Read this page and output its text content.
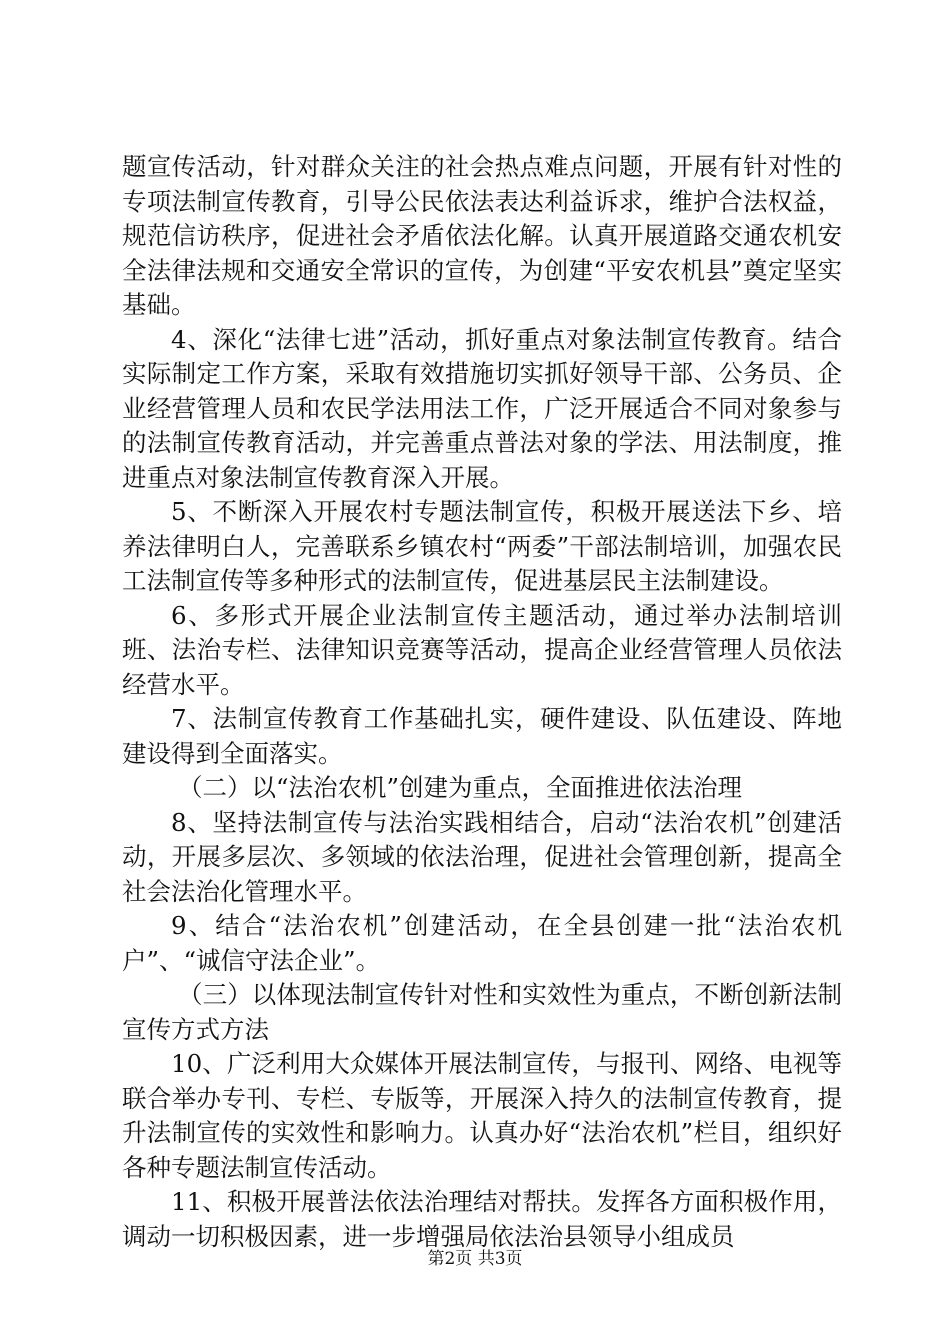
题宣传活动，针对群众关注的社会热点难点问题，开展有针对性的专项法制宣传教育，引导公民依法表达利益诉求，维护合法权益，规范信访秩序，促进社会矛盾依法化解。认真开展道路交通农机安全法律法规和交通安全常识的宣传，为创建“平安农机县”奠定坚实基础。

4、深化“法律七进”活动，抓好重点对象法制宣传教育。结合实际制定工作方案，采取有效措施切实抓好领导干部、公务员、企业经营管理人员和农民学法用法工作，广泛开展适合不同对象参与的法制宣传教育活动，并完善重点普法对象的学法、用法制度，推进重点对象法制宣传教育深入开展。

5、不断深入开展农村专题法制宣传，积极开展送法下乡、培养法律明白人，完善联系乡镇农村“两委”干部法制培训，加强农民工法制宣传等多种形式的法制宣传，促进基层民主法制建设。

6、多形式开展企业法制宣传主题活动，通过举办法制培训班、法治专栏、法律知识竞赛等活动，提高企业经营管理人员依法经营水平。

7、法制宣传教育工作基础扎实，硬件建设、队伍建设、阵地建设得到全面落实。

（二）以“法治农机”创建为重点，全面推进依法治理

8、坚持法制宣传与法治实践相结合，启动“法治农机”创建活动，开展多层次、多领域的依法治理，促进社会管理创新，提高全社会法治化管理水平。

9、结合“法治农机”创建活动，在全县创建一批“法治农机户”、“诚信守法企业”。

（三）以体现法制宣传针对性和实效性为重点，不断创新法制宣传方式方法

10、广泛利用大众媒体开展法制宣传，与报刊、网络、电视等联合举办专刊、专栏、专版等，开展深入持久的法制宣传教育，提升法制宣传的实效性和影响力。认真办好“法治农机”栏目，组织好各种专题法制宣传活动。

11、积极开展普法依法治理结对帮扶。发挥各方面积极作用，调动一切积极因素，进一步增强局依法治县领导小组成员

第2页 共3页
